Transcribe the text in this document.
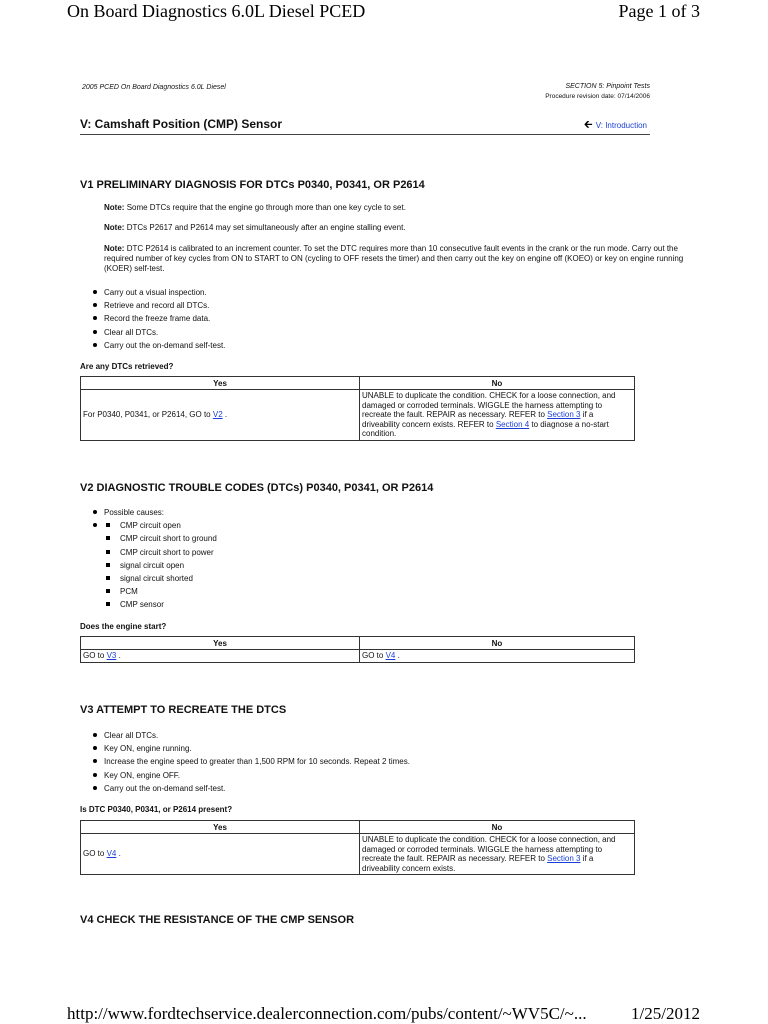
On Board Diagnostics 6.0L Diesel PCED	Page 1 of 3
2005 PCED On Board Diagnostics 6.0L Diesel	SECTION 5: Pinpoint Tests
Procedure revision date: 07/14/2006
V: Camshaft Position (CMP) Sensor	🡰 V: Introduction
V1 PRELIMINARY DIAGNOSIS FOR DTCs P0340, P0341, OR P2614
Note: Some DTCs require that the engine go through more than one key cycle to set.
Note: DTCs P2617 and P2614 may set simultaneously after an engine stalling event.
Note: DTC P2614 is calibrated to an increment counter. To set the DTC requires more than 10 consecutive fault events in the crank or the run mode. Carry out the required number of key cycles from ON to START to ON (cycling to OFF resets the timer) and then carry out the key on engine off (KOEO) or key on engine running (KOER) self-test.
Carry out a visual inspection.
Retrieve and record all DTCs.
Record the freeze frame data.
Clear all DTCs.
Carry out the on-demand self-test.
Are any DTCs retrieved?
Yes	No
For P0340, P0341, or P2614, GO to V2 .	UNABLE to duplicate the condition. CHECK for a loose connection, and damaged or corroded terminals. WIGGLE the harness attempting to recreate the fault. REPAIR as necessary. REFER to Section 3 if a driveability concern exists. REFER to Section 4 to diagnose a no-start condition.
V2 DIAGNOSTIC TROUBLE CODES (DTCs) P0340, P0341, OR P2614
Possible causes:
CMP circuit open
CMP circuit short to ground
CMP circuit short to power
signal circuit open
signal circuit shorted
PCM
CMP sensor
Does the engine start?
Yes	No
GO to V3 .	GO to V4 .
V3 ATTEMPT TO RECREATE THE DTCS
Clear all DTCs.
Key ON, engine running.
Increase the engine speed to greater than 1,500 RPM for 10 seconds. Repeat 2 times.
Key ON, engine OFF.
Carry out the on-demand self-test.
Is DTC P0340, P0341, or P2614 present?
Yes	No
GO to V4 .	UNABLE to duplicate the condition. CHECK for a loose connection, and damaged or corroded terminals. WIGGLE the harness attempting to recreate the fault. REPAIR as necessary. REFER to Section 3 if a driveability concern exists.
V4 CHECK THE RESISTANCE OF THE CMP SENSOR
http://www.fordtechservice.dealerconnection.com/pubs/content/~WV5C/~...	1/25/2012
